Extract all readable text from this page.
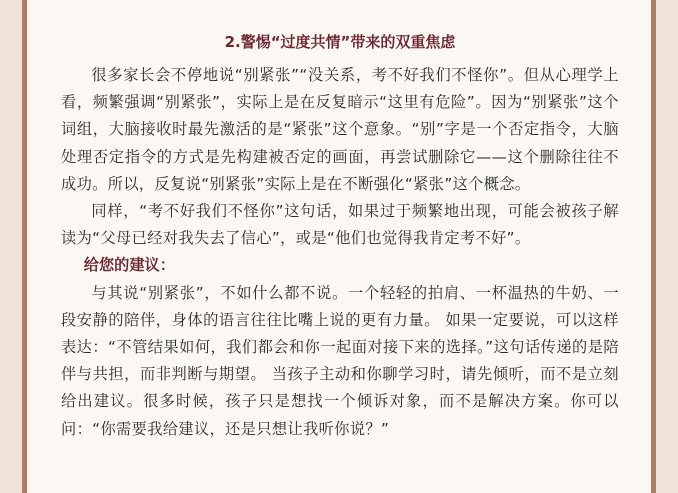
2.警惕“过度共情”带来的双重焦虑

很多家长会不停地说“别紧张”“没关系，考不好我们不怪你”。但从心理学上看，频繁强调“别紧张”，实际上是在反复暗示“这里有危险”。因为“别紧张”这个词组，大脑接收时最先激活的是“紧张”这个意象。“别”字是一个否定指令，大脑处理否定指令的方式是先构建被否定的画面，再尝试删除它——这个删除往往不成功。所以，反复说“别紧张”实际上是在不断强化“紧张”这个概念。

同样，“考不好我们不怪你”这句话，如果过于频繁地出现，可能会被孩子解读为“父母已经对我失去了信心”，或是“他们也觉得我肯定考不好”。

给您的建议：

与其说“别紧张”，不如什么都不说。一个轻轻的拍肩、一杯温热的牛奶、一段安静的陪伴，身体的语言往往比嘴上说的更有力量。 如果一定要说，可以这样表达：“不管结果如何，我们都会和你一起面对接下来的选择。”这句话传递的是陪伴与共担，而非判断与期望。 当孩子主动和你聊学习时，请先倾听，而不是立刻给出建议。很多时候，孩子只是想找一个倾诉对象，而不是解决方案。你可以问：“你需要我给建议，还是只想让我听你说？”
